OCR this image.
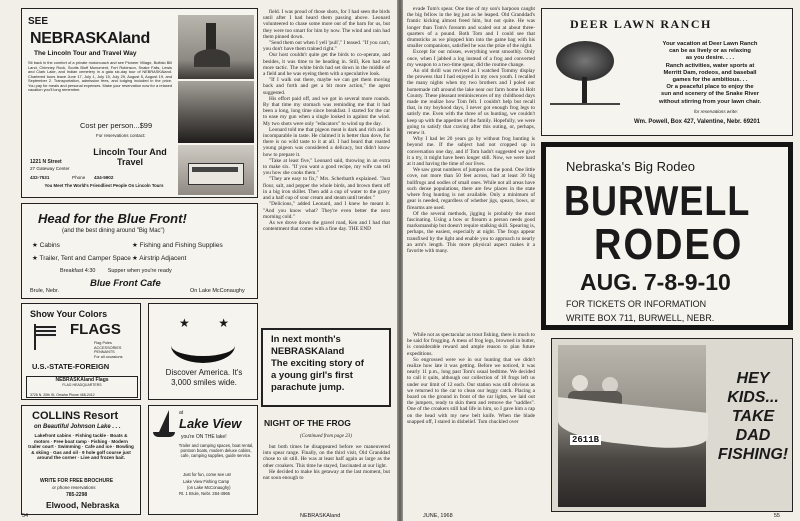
SEE
NEBRASKAland
The Lincoln Tour and Travel Way
Sit back in the comfort of a private motorcoach and see Pioneer Village, Buffalo Bill Land, Chimney Rock, Scotts Bluff Monument, Fort Robinson, Snake Falls, Lewis and Clark Lake, and Indian cemetery in a gala six-day tour of NEBRASKAland. Chartered tours leave June 17, July 1, July 15, July 29, August 5, August 19, and September 2. Transportation, admission fees, and lodging included in the price. You pay for meals and personal expenses. Make your reservation now for a relaxed vacation you'll long remember.
Cost per person...$99
For reservations contact:
1221 N Street
27 Gateway Center
Lincoln Tour And Travel
432-7531	Phone 434-5902
You Meet The World's Friendliest People On Lincoln Tours

field. I was proud of those shots, for I had seen the birds until after I had heard them passing above. Leonard volunteered to chase some more out of the barn for us, but they were too smart for him by now. The wind and rain had them pinned down.

"Send them out when I yell 'pull'," I teased. "If you can't, you don't have them trained right."

Our host couldn't quite get the birds to co-operate, and besides, it was time to be heading in. Still, Ken had one more tactic. The white birds had set down in the middle of a field and he was eyeing them with a speculative look.

"If I walk out there, maybe we can get them moving back and forth and get a bit more action," the agent suggested.

His effort paid off, and we got in several more rounds. By that time my stomach was reminding me that it had been a long, long time since breakfast. I started for the car to ease my gun when a single looked in against the wind. My two shots were only "educators" to wind up the day.

Leonard told me that pigeon meat is dark and rich and is incomparable in taste. He claimed it is better than dove, for there is no wild taste to it at all. I had heard that roasted young pigeon was considered a delicacy, but didn't know how to prepare it.

"Take at least five," Leonard said, throwing in an extra to make six. "If you want a good recipe, my wife can tell you how she cooks them."

"They are easy to fix," Mrs. Scherbarth explained. "Just flour, salt, and pepper the whole birds, and brown them off in a big iron skillet. Then add a cup of water to the gravy and a half cup of sour cream and steam until tender."

"Delicious," added Leonard, and I knew he meant it. "And you know what? They're even better the next morning cold."

As we drove down the gravel road, Ken and I had that contentment that comes with a fine day. THE END

Head for the Blue Front!
(and the best dining around "Big Mac")
★ Cabins	★ Fishing and Fishing Supplies
★ Trailer, Tent and Camper Space ★ Airstrip Adjacent
Breakfast 4:30        Supper when you're ready
Blue Front Cafe
Brule, Nebr.	On Lake McConaughy
Show Your Colors
FLAGS
Flag Poles
ACCESSORIES
PENNANTS
For all occasions
U.S.-STATE-FOREIGN
NEBRASKAland Flags
FLAG HEADQUARTERS
3726 N. 20th St. Omaha Phone 468-2412
★ ★
Discover America. It's 3,000 smiles wide.
COLLINS Resort
on Beautiful Johnson Lake . . .
Lakefront cabins · Fishing tackle · Boats & motors · Free boat ramp · Fishing · Modern trailer court · Swimming · Cafe and ice · Bowling & skiing · Gas and oil · 9 hole golf course just around the corner · Live and frozen bait.
WRITE FOR FREE BROCHURE
or phone reservations
785-2298
Elwood, Nebraska
In next month's
NEBRASKAland
The exciting story of
a young girl's first
parachute jump.
at
Lake View
you're ON THE lake!
Trailer and camping spaces, boat rental, pontoon boats, modern deluxe cabins, cafe, camping supplies, guide service.
Just for fun, come see us!
Lake View Fishing Camp
(on Lake McConaughy)
Rt. 1 Brule, Nebr. 284-4965
NIGHT OF THE FROG
(Continued from page 23)

but both times he disappeared before we maneuvered into spear range. Finally, on the third visit, Old Granddad chose to sit still. He was at least half again as large as the other croakers. This time he stayed, fascinated at our light.

He decided to make his getaway at the last moment, but not soon enough to

54	NEBRASKAland

evade Tom's spear. One tine of my son's harpoon caught the big fellow in the leg just as he leaped. Old Granddad's frantic kicking almost freed him, but not quite. He was longer than Tom's forearm and scaled out at about three-quarters of a pound. Both Tom and I could see that drumsticks as we plopped him into the game bag with his smaller companions, satisfied he was the prize of the night.

Except for our misses, everything went smoothly. Only once, when I jabbed a log instead of a frog and converted my weapon to a two-time spear, did the routine change.

An old thrill was revived as I watched Tommy display the prowess that I had enjoyed in my own youth. I recalled the many nights when my two brothers and I poled our homemade raft around the lake near our farm home in Holt County. These pleasant reminiscences of my childhood days made me realize how Tom felt. I couldn't help but recall that, in my boyhood days, I never got enough frog legs to satisfy me. Even with the three of us hunting, we couldn't keep up with the appetites of the family. Hopefully, we were going to satisfy that craving after this outing, or, perhaps, renew it.

Why I had let 20 years go by without frog hunting is beyond me. If the subject had not cropped up in conversation one day, and if Tom hadn't suggested we give it a try, it might have been longer still. Now, we were hard at it and having the time of our lives.

We saw great numbers of jumpers on the pond. One little cove, not more than 50 feet across, had at least 30 big bullfrogs and oodles of small ones. While not all areas have such dense populations, there are few places in the state where frog hunting is not available. Only a minimum of gear is needed, regardless of whether jigs, spears, bows, or firearms are used.

Of the several methods, jigging is probably the most fascinating. Using a bow or firearm a person needs good marksmanship but doesn't require stalking skill. Spearing is, perhaps, the easiest, especially at night. The frogs appear transfixed by the light and enable you to approach to nearly an arm's length. This more physical aspect makes it a favorite with many.

While not as spectacular as trout fishing, there is much to be said for frogging. A mess of frog legs, browned in butter, is considerable reward and ample reason to plan future expeditions.

So engrossed were we in our hunting that we didn't realize how late it was getting. Before we noticed, it was nearly 11 p.m., long past Tom's usual bedtime. We decided to call it quits, although our collection of 18 frogs left us under our limit of 12 each. Our station was still obvious as we returned to the car to clean our leggy catch. Placing a board on the ground in front of the car lights, we laid out the jumpers, ready to skin them and remove the "saddles". One of the croakers still had life in him, so I gave him a rap on the head with my new belt knife. When the blade snapped off, I stared in disbelief. Tom chuckled over

DEER LAWN RANCH
Your vacation at Deer Lawn Ranch
can be as lively or as relaxing
as you desire. . . .
Ranch activities, water sports at
Merritt Dam, rodeos, and baseball
games for the ambitious. . .
Or a peaceful place to enjoy the
sun and scenery of the Snake River
without stirring from your lawn chair.
for reservations write:
Wm. Powell, Box 427, Valentine, Nebr. 69201
Nebraska's Big Rodeo
BURWELL
RODEO
AUG. 7-8-9-10
FOR TICKETS OR INFORMATION
WRITE BOX 711, BURWELL, NEBR.
2611B
HEY
KIDS...
TAKE DAD
FISHING!
JUNE, 1968	55
